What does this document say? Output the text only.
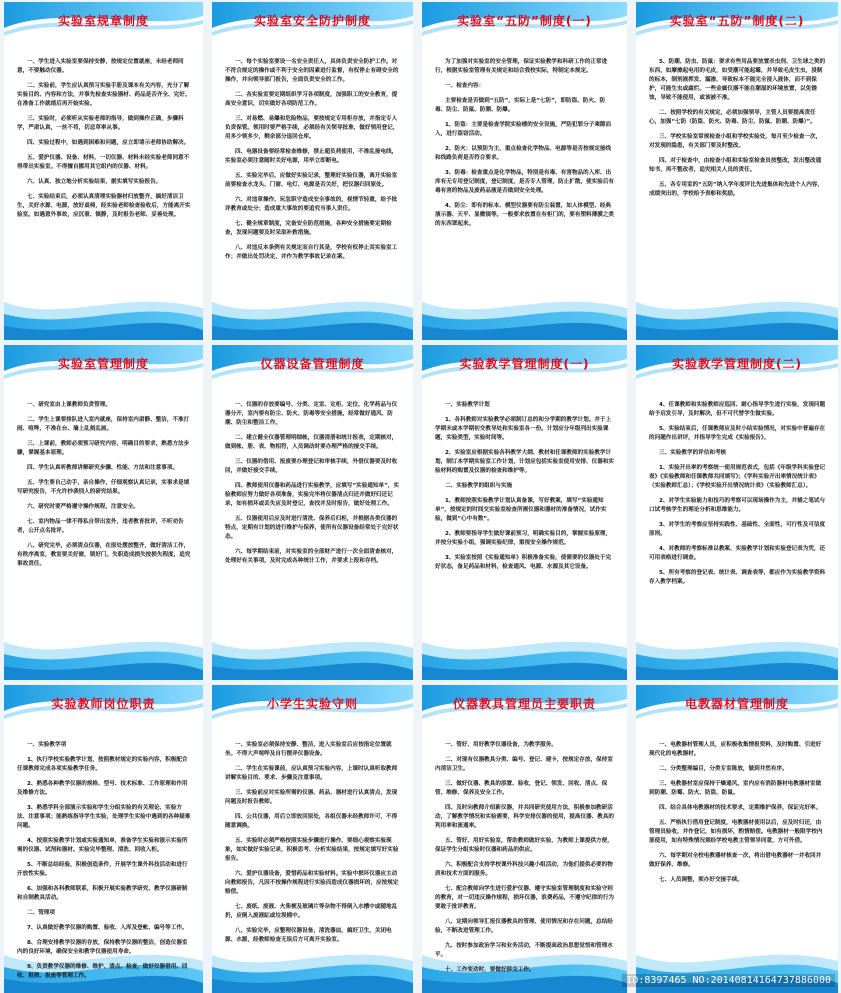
实验室规章制度

一、学生进入实验室要保持安静，按规定位置就座，未经老师同意，不要触动仪器。

二、实验前，学生应认真预习实验手册及课本有关内容，充分了解实验目的、内容和方法，并事先检查实验器材、药品是否齐全、完好。在准备工作就绪后再开始实验。

三、实验时，必须听从实验老师的指导，做到操作正确，步骤科学，严肃认真，一丝不苟，切忌草率从事。

四、实验过程中，如遇到困难和问题，应立即请示老师协助解决。

五、爱护仪器、设备、材料，一切仪器、材料未经实验老师同意不得带出实验室。不得擅自挪用其它组内的仪器、材料。

六、认真、独立地分析实验结果，据实填写实验报告。

七、实验结束后，必须认真清理实验器材归放整齐，搞好清洁卫生，关好水源、电源，放好桌椅，经实验老师检查验收后，方能离开实验室。如遇意外事故，应沉着、镇静，及时报告老师、妥善处理。

实验室安全防护制度

一、每个实验室要设一名安全责任人，具体负责安全防护工作。对不符合规定的操作或不利于安全的因素进行监督，有权停止有碍安全的操作，并向领导部门报告，全面负责安全的工作。

二、各实验室要定期组织学习各项制度，加强职工的安全教育，提高安全意识，切实做好各项防范工作。

三、对易燃、易爆和危险物品，要按规定专用柜存放，并指定专人负责保管。领用时要严格手续，必须经有关领导批准，做好领用登记，用多少领多少，剩余部分退回仓库。

四、电器设备要经常检查维修，禁止超负荷使用，不准乱接电线，实验室必须注意随时关好电源，用毕立即断电。

五、实验完毕后，应做好实验记录，整理好实验仪器，离开实验室前要检查水龙头、门窗、电灯、电源是否关好，把仪器归回原处。

六、对违章操作、玩忽职守造成安全事故的，视情节轻重，给予批评教育或处分；造成重大事故的要追究当事人责任。

七、健全规章制度，完备安全防范措施，各种安全措施要定期检查，发现问题要及时采取补救措施。

八、对违反本条例有关规定而自行其是，学校有权停止其实验室工作；并做出处罚决定，并作为教学事故记录在案。

实验室“五防”制度(一)

为了加强对实验室的安全管理，保证实验教学和科研工作的正常进行，根据实验室管理有关规定和结合我校实际，特制定本规定。

一、检查内容：

主要检查是否做到“五防”，实际上是“七防”，即防盗、防火、防毒、防尘、防鼠、防潮、防爆。

1、防盗：主要是检查学院实验楼的安全设施，严防犯罪分子乘隙而入，进行盗窃活动。

2、防火：以预防为主，重点检查化学物品、电源等是否按规定接线和线路负荷是否符合要求。

3、防毒：检查重点是化学物品，特别是有毒、有害物品的入库、出库有无专用登记制度，登记制度，是否专人管理，防止扩散，使实验后有毒有害的物品及废药品液是否做到安全处理。

4、防尘：即有的标本、模型仪器要有防尘装置，如人体模型、经典演示器、天平、显微镜等。一般要求放置在有柜门的，要有塑料薄膜之类的东西罩起来。

实验室“五防”制度(二)

5、防潮、防虫、防鼠：要求有些用品要放置杀虫剂、卫生球之类的东西，如摩擦起电用的毛皮，如受潮可能起霉，并导致毛皮生虫，浸制的标本，制剂液挥发、漏渗，导致标本不能完全浸入液体，而不到保护，可能生虫或腐烂。一些金属仪器不能在潮湿的环境放置，以免锈蚀，导致不能使用，或该被不准。

二、按照学校的有关规定，必须加强领导，主管人员要提高责任心，加强“七防（防盗、防火、防毒、防尘、防鼠、防潮、防爆）”。

三、学校实验室常规检查小组和学校实验处，每月至少检查一次，对发现的隐患，有关部门要及时整改。

四、对于检查中，由检查小组和实验室检查员按整改，发出整改通知书，再不整改者，追究相关人员的责任。

五、各专用室的“五防”纳入学年度评比先进集体和先进个人内容，成绩突出的，学校给予表彰和奖励。

实验室管理制度

一、研究室由上课教师负责管理。

二、学生上课要排队进入室内就座，保持室内肃静、整洁，不准打闹、喧哗，不准在台、墙上乱刻乱画。

三、上课前，教师必须预习研究内容，明确目的要求，熟悉方法步骤，掌握基本原理。

四、学生认真听教师讲解研究步骤、性能、方法和注意事项。

五、学生要自己动手，亲自操作，仔细观察认真记录，实事求是填写研究报告，不允许抄袭别人的研究结果。

六、研究时要严格遵守操作规程，注意安全。

七、室内物品一律不得私自带出室外，违者教育批评，不听劝告者，公开点名批评。

八、研究完毕，必须清点仪器，在原处摆放整齐，做好清洁工作，有秩序离室，教室要关好窗，锁好门。失职造成损失按损失程度，追究事故责任。

仪器设备管理制度

一、仪器的存放要编号、分类、定室、定柜、定位，化学药品与仪器分开，室内要有防尘、防火、防毒等安全措施，经常做好通风、防潮、防尘和整洁工作。

二、建立健全仪器管理明细帐，仪器清册和统计报表，定期核对，做到帐、册、表、物相符，人员调动时要办理严格的接交手续。

三、仪器的借用、报废要办理登记和审核手续，外借仪器要及时收回，并做好接交手续。

四、教师使用仪器和药品进行实验教学，应填写“实验通知单”，实验教师应努力做好各项准备，实验完毕将仪器清点归还并做好归还记录，如有损坏或丢失应及时登记，查找并及时报告，做好处理工作。

五、仪器使用后应及时进行清洗、保养后归柜，并根据各类仪器的特点，定期有计划的进行维护与保养，使所有仪器设备经常处于完好状态。

六、每学期结束前，对实验室的全部财产进行一次全面清查核对，处理好有关事项，及时完成各种统计工作，并要求上报和存档。

实验教学管理制度(一)

一、实验教学计划

1、各科教师对实验教学必须制订总的和分学期的教学计划。并于上学期末或本学期初交教导处和实验室各一份。计划应分年级列出实验课题，实验类型，实验时间等。

2、实验室应根据实验各科教学大纲、教材和任课教师的实验教学计划，制订本学期实验室工作计划，计划应包括实验室使用安排、仪器和实验材料的购置及仪器的检查和维护等。

二、实验教学的组织与实施

1、教师按照实验教学计划认真备课，写好教案，填写“实验通知单”，按规定的时间交实验室检查所需仪器和器材的准备情况，试作实验，做到“心中有数”。

2、教师要指导学生做好课前预习，明确实验目的，掌握实验原理，并按分实验小组，强调实验纪律，重视安全操作规范。

3、实验室按照《实验通知单》积极准备实验，使需要的仪器处于完好状态，备足药品和材料，检查通风、电源、水源及其它设备。

实验教学管理制度(二)

4、任课教师和实验教师应巡回、耐心指导学生进行实验，发现问题给予启发引导，及时解决，但不可代替学生做实验。

5、实验结束后，任课教师应及时小结实验情况，对实验中普遍存在的问题作出讲评，并指导学生完成《实验报告》。

三、实验教学的评估和考核

1、实验开出率的考察统一使用规范表式，包括《年级学科实验登记表》《实验教师和任课教师共同填写》；《学科实验开出率情况统计表》（实验教师汇总）；《学校实验开出情况统计表》（实验教师汇总）。

2、对学生实验能力和技巧的考察可以现场操作为主，并辅之笔试与口试考核学生的理论分析和思维能力。

3、对学生的考察应坚持实践性、基础性、全面性，可行性及可信度原则。

4、对教师的考察标准以教案、实验教学计划和实验登记表为凭，还可用表格进行调查。

5、所有考察的登记表、统计表、调查表等，都应作为实验教学资料存入教学档案。

实验教师岗位职责

一、实验教学项

1、执行学校实验教学计划，按照教材规定的实验内容，积极配合任课教师完成各项实验教学任务。

2、熟悉各种教学仪器的规格、型号、技术标准、工作原理和作用及维修方法。

3、熟悉学科全部演示实验和学生分组实验的有关理论、实验方法、注意事项；能熟练指导学生实验，处理学生实验中遇到的各种疑难问题。

4、按照实验教学计划或实验通知单，准备学生实验和演示实验所需的仪器、试剂和器材。实验完毕整理、清洗、回收入柜。

5、不断总结经验，积极创造条件，开展学生课外科技活动和进行开放性实验。

6、加强和各科教师联系，积极开展实验教学研究、教学仪器研制和自制教具活动。

二、管理项

7、认真做好教学仪器的购置、验收、入库及登帐、编号等工作。

8、合理安排教学仪器的存放，保持教学仪器的整洁，创造仪器室内的良好环境，确保安全和教学仪器使用寿命。

9、负责教学仪器的维修、维护、清点、检查，做好仪器借用、回收、报损、报废等管理工作。

小学生实验守则

一、实验室必须保持安静、整洁，进入实验室后应按指定位置就坐。不得大声喧哗及自行摆弄仪器设备。

二、学生在实验课前，应认真预习实验内容，上课时认真听取教师讲解实验目的、要求、步骤及注意事项。

三、实验前应对实验所需的仪器、药品、器材进行认真清点，发现问题及时报告教师。

四、公共仪器，用后立即放回原处，各组仪器未经教师许可，不得随意调换。

五、实验时必须严格按照实验步骤进行操作，要细心观察实验现象，如实做好实验记录，积极思考、分析实验结果，按规定填写好实验报告。

六、爱护仪器设备，爱惜药品和实验材料。实验中损坏仪器应主动向教师报告，凡因不按操作规程进行实验而造成仪器损坏的，应按规定赔偿。

七、废纸、废液、火柴梗及玻璃片等杂物不得倒入水槽中或随地乱扔，应倒入废液缸或垃圾桶中。

八、实验完毕，应整理仪器设备，清洗器皿，搞好卫生，关闭电源、水源，经教师检查无误后方可离开实验室。

仪器教具管理员主要职责

一、管好、用好教学仪器设备，为教学服务。

二、对现有仪器教具分类、编号、登记、建卡，按规定存放，保持室内清洁卫生。

三、做好仪器、教具的添置、验收、登记、领发、回收、清点、保管、维修、保养及安全工作。

四、及时向教师介绍新仪器，并共同研究使用方法，积极参加教研活动，了解教学情况和实验需要，科学安排仪器的使用，提高仪器、教具的利用率和流通率。

五、管好、用好实验室，帮助教师做好实验，为教师上课提供方便，保证学生分组实验时仪器和药品的供应。

六、积极配合支持学校课外科技兴趣小组活动，为他们提供必要的物质和技术方面的服务。

七、配合教师向学生进行爱护仪器、遵守实验室管理制度和实验守则的教育，对一切违反操作规程，损坏仪器，浪费药品，不遵守纪律的行为要敢于批评教育。

八、定期向领导汇报仪器教具的管理、使用情况和存在问题，总结经验，不断改进管理工作。

九、按时参加政治学习和业务活动，不断提高政治思想觉悟和管理水平。

十、工作变动时，要做好移交工作。

电教器材管理制度

一、电教器材管理人员，应积极收集情报资料，及时购置、引进好现代化的电教器材。

二、分类整理编目，分类专室陈放，做到井然有序。

三、电教器材室应保持干燥通风，室内应有消防器材电教器材室做到防潮、防霉、防火、防盗、防鼠。

四、结合具体电教器材的技术要求，定期维护保养，保证完好率。

五、严格执行借用登记制度，电教器材使用以后，应及时归还，由管理员验收，并作登记，如有损坏，酌情赔偿。电教器材一般限学校内部使用，如有特殊情况须经学校电教主管领导同意，方可外借。

六、每学期对全校电教器材核查一次，将出借电教器材一并收回并做好保养、维修。

七、人员调整，须办好交接手续。

ID:8397465 NO:20140814164737886000
